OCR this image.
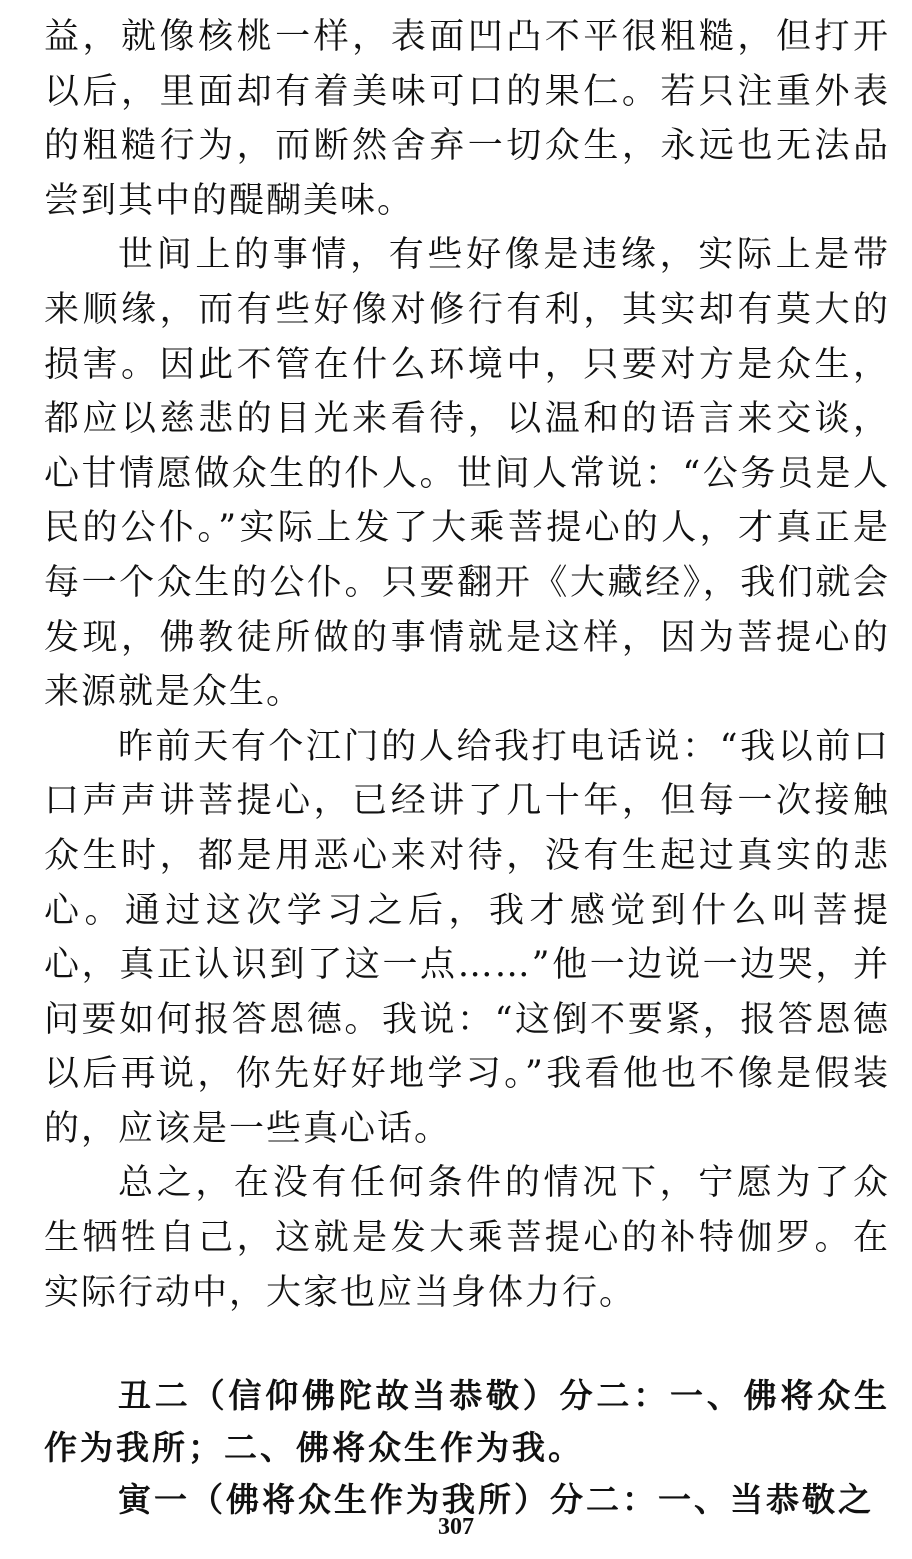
益，就像核桃一样，表面凹凸不平很粗糙，但打开以后，里面却有着美味可口的果仁。若只注重外表的粗糙行为，而断然舍弃一切众生，永远也无法品尝到其中的醍醐美味。

世间上的事情，有些好像是违缘，实际上是带来顺缘，而有些好像对修行有利，其实却有莫大的损害。因此不管在什么环境中，只要对方是众生，都应以慈悲的目光来看待，以温和的语言来交谈，心甘情愿做众生的仆人。世间人常说：“公务员是人民的公仆。”实际上发了大乘菩提心的人，才真正是每一个众生的公仆。只要翻开《大藏经》，我们就会发现，佛教徒所做的事情就是这样，因为菩提心的来源就是众生。

昨前天有个江门的人给我打电话说：“我以前口口声声讲菩提心，已经讲了几十年，但每一次接触众生时，都是用恶心来对待，没有生起过真实的悲心。通过这次学习之后，我才感觉到什么叫菩提心，真正认识到了这一点……”他一边说一边哭，并问要如何报答恩德。我说：“这倒不要紧，报答恩德以后再说，你先好好地学习。”我看他也不像是假装的，应该是一些真心话。

总之，在没有任何条件的情况下，宁愿为了众生牺牲自己，这就是发大乘菩提心的补特伽罗。在实际行动中，大家也应当身体力行。

丑二（信仰佛陀故当恭敬）分二：一、佛将众生作为我所；二、佛将众生作为我。

寅一（佛将众生作为我所）分二：一、当恭敬之

307
